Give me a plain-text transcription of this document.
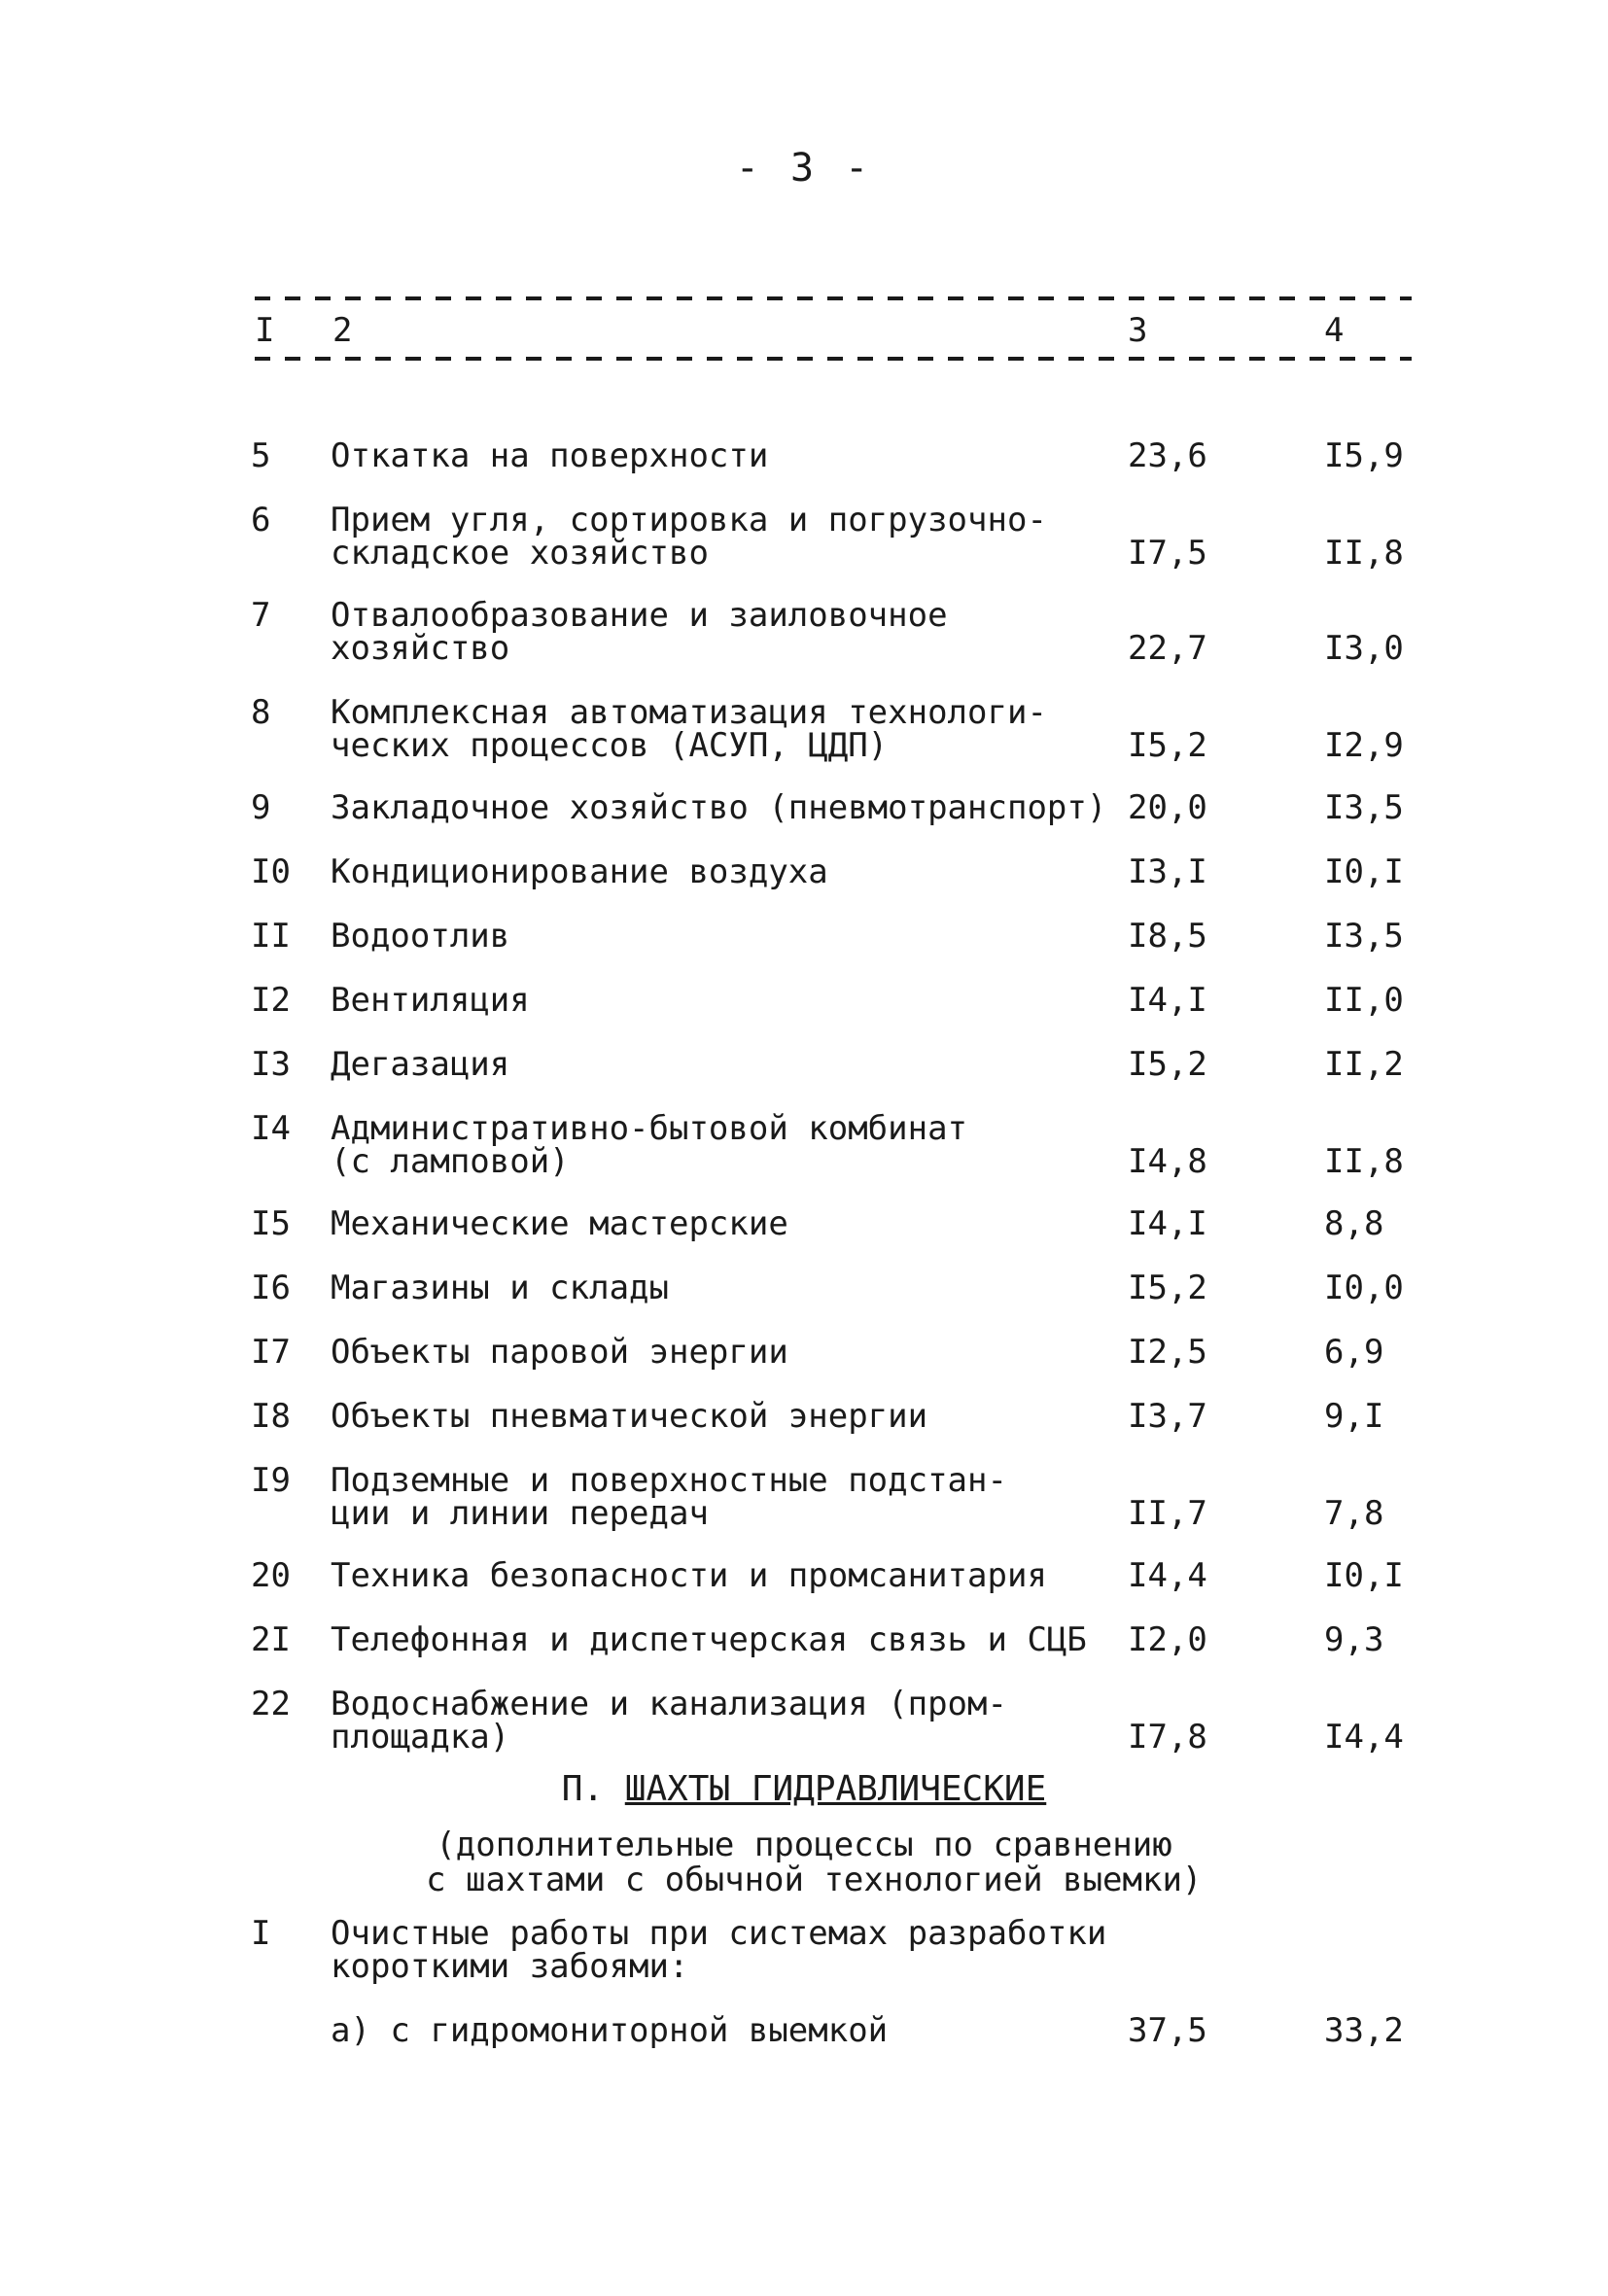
- 3 -
I 2	3	4
5 Откатка на поверхности	23,6	I5,9
6 Прием угля, сортировка и погрузочно-
складское хозяйство	I7,5	II,8
7 Отвалообразование и заиловочное
хозяйство	22,7	I3,0
8 Комплексная автоматизация технологи-
ческих процессов (АСУП, ЦДП)	I5,2	I2,9
9 Закладочное хозяйство (пневмотранспорт) 20,0	I3,5
I0 Кондиционирование воздуха	I3,I	I0,I
II Водоотлив	I8,5	I3,5
I2 Вентиляция	I4,I	II,0
I3 Дегазация	I5,2	II,2
I4 Административно-бытовой комбинат
(с ламповой)	I4,8	II,8
I5 Механические мастерские	I4,I	8,8
I6 Магазины и склады	I5,2	I0,0
I7 Объекты паровой энергии	I2,5	6,9
I8 Объекты пневматической энергии	I3,7	9,I
I9 Подземные и поверхностные подстан-
ции и линии передач	II,7	7,8
20 Техника безопасности и промсанитария I4,4	I0,I
2I Телефонная и диспетчерская связь и СЦБ I2,0	9,3
22 Водоснабжение и канализация (пром-
площадка)	I7,8	I4,4
П. ШАХТЫ ГИДРАВЛИЧЕСКИЕ
(дополнительные процессы по сравнению
с шахтами с обычной технологией выемки)
I Очистные работы при системах разработки
короткими забоями:
а) с гидромониторной выемкой	37,5	33,2
